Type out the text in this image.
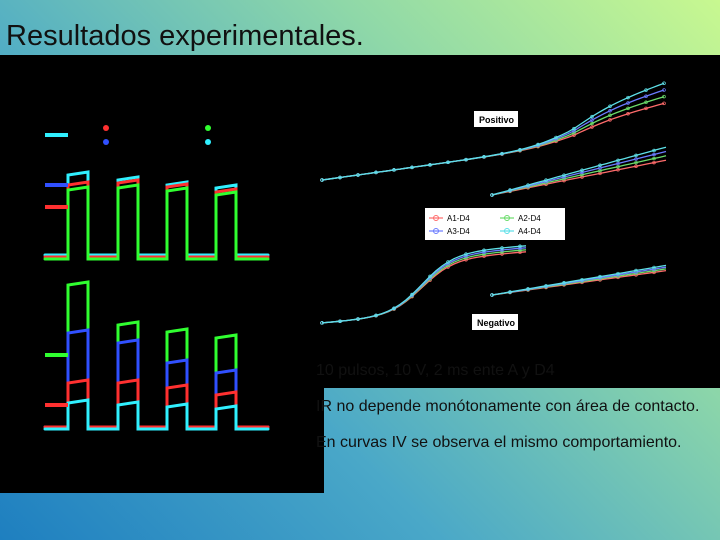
Resultados experimentales.
Positivo
Negativo
A1-D4	A2-D4
A3-D4	A4-D4

10 pulsos, 10 V, 2 ms ente A y D4

IR no depende monótonamente con área de contacto.

En curvas IV se observa el mismo comportamiento.
